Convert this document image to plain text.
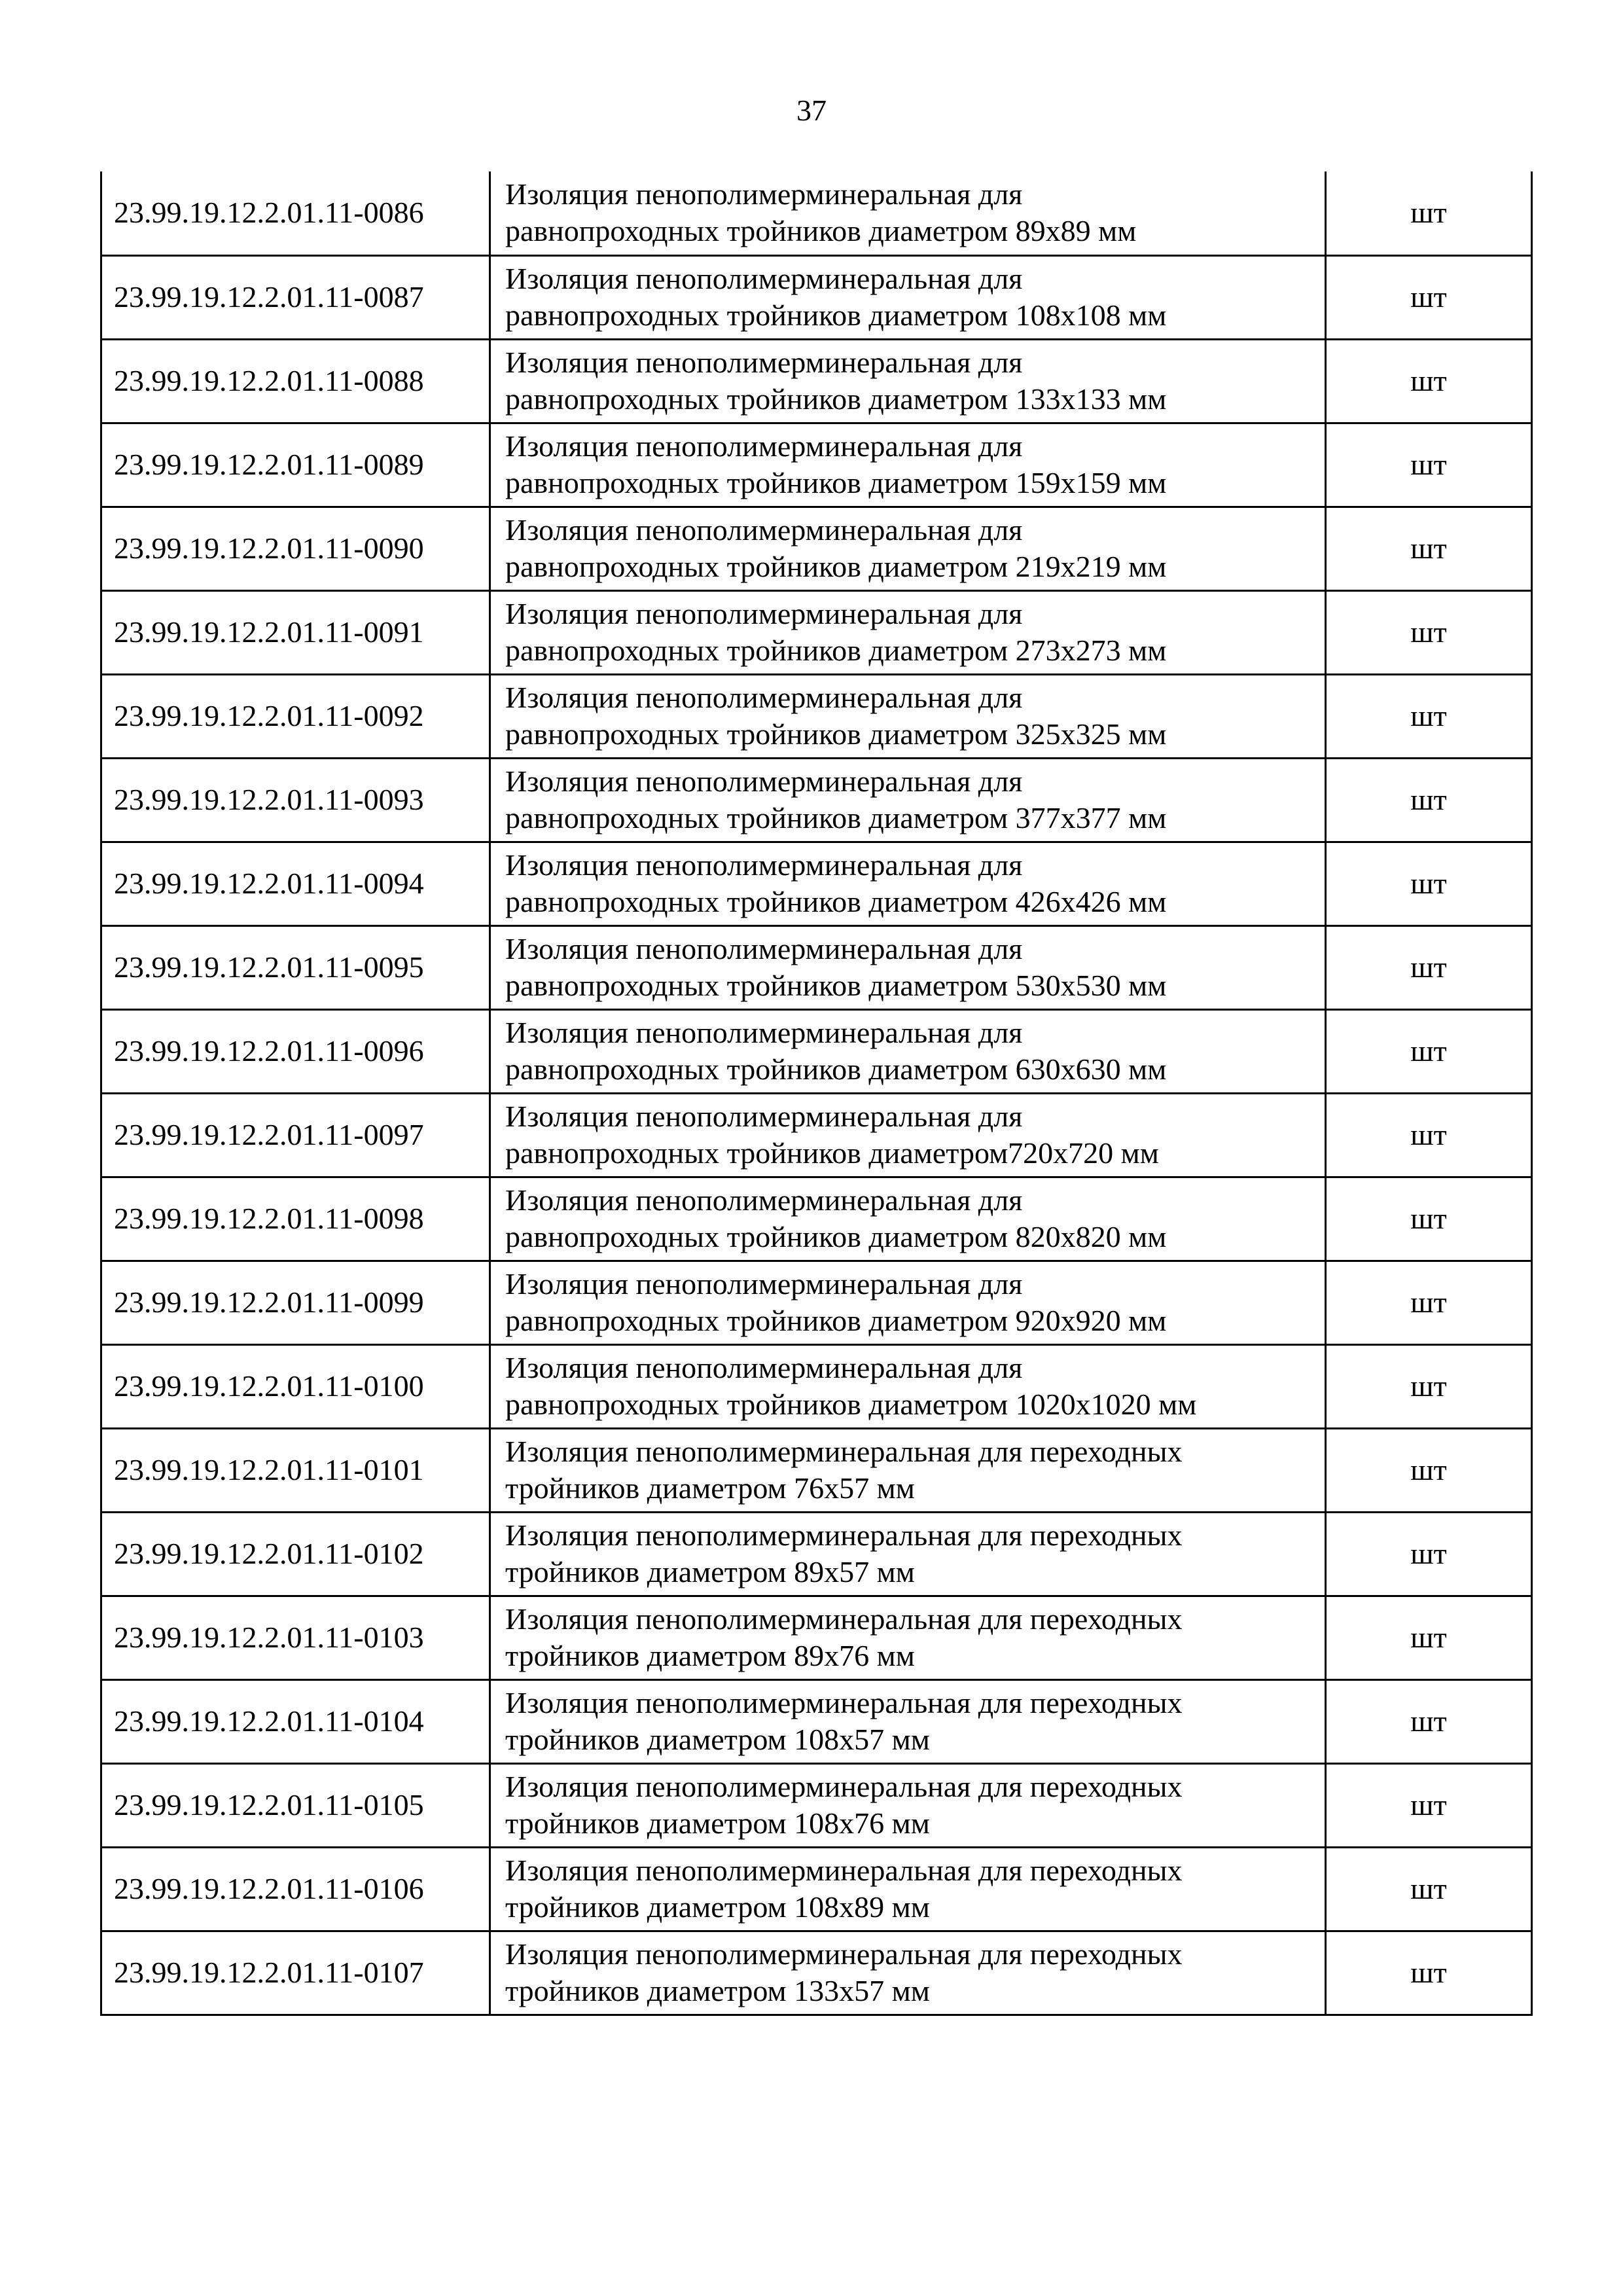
37
23.99.19.12.2.01.11-0086	Изоляция пенополимерминеральная для
равнопроходных тройников диаметром 89х89 мм	шт
23.99.19.12.2.01.11-0087	Изоляция пенополимерминеральная для
равнопроходных тройников диаметром 108х108 мм	шт
23.99.19.12.2.01.11-0088	Изоляция пенополимерминеральная для
равнопроходных тройников диаметром 133х133 мм	шт
23.99.19.12.2.01.11-0089	Изоляция пенополимерминеральная для
равнопроходных тройников диаметром 159х159 мм	шт
23.99.19.12.2.01.11-0090	Изоляция пенополимерминеральная для
равнопроходных тройников диаметром 219х219 мм	шт
23.99.19.12.2.01.11-0091	Изоляция пенополимерминеральная для
равнопроходных тройников диаметром 273х273 мм	шт
23.99.19.12.2.01.11-0092	Изоляция пенополимерминеральная для
равнопроходных тройников диаметром 325х325 мм	шт
23.99.19.12.2.01.11-0093	Изоляция пенополимерминеральная для
равнопроходных тройников диаметром 377х377 мм	шт
23.99.19.12.2.01.11-0094	Изоляция пенополимерминеральная для
равнопроходных тройников диаметром 426х426 мм	шт
23.99.19.12.2.01.11-0095	Изоляция пенополимерминеральная для
равнопроходных тройников диаметром 530х530 мм	шт
23.99.19.12.2.01.11-0096	Изоляция пенополимерминеральная для
равнопроходных тройников диаметром 630х630 мм	шт
23.99.19.12.2.01.11-0097	Изоляция пенополимерминеральная для
равнопроходных тройников диаметром720х720 мм	шт
23.99.19.12.2.01.11-0098	Изоляция пенополимерминеральная для
равнопроходных тройников диаметром 820х820 мм	шт
23.99.19.12.2.01.11-0099	Изоляция пенополимерминеральная для
равнопроходных тройников диаметром 920х920 мм	шт
23.99.19.12.2.01.11-0100	Изоляция пенополимерминеральная для
равнопроходных тройников диаметром 1020х1020 мм	шт
23.99.19.12.2.01.11-0101	Изоляция пенополимерминеральная для переходных
тройников диаметром 76х57 мм	шт
23.99.19.12.2.01.11-0102	Изоляция пенополимерминеральная для переходных
тройников диаметром 89х57 мм	шт
23.99.19.12.2.01.11-0103	Изоляция пенополимерминеральная для переходных
тройников диаметром 89х76 мм	шт
23.99.19.12.2.01.11-0104	Изоляция пенополимерминеральная для переходных
тройников диаметром 108х57 мм	шт
23.99.19.12.2.01.11-0105	Изоляция пенополимерминеральная для переходных
тройников диаметром 108х76 мм	шт
23.99.19.12.2.01.11-0106	Изоляция пенополимерминеральная для переходных
тройников диаметром 108х89 мм	шт
23.99.19.12.2.01.11-0107	Изоляция пенополимерминеральная для переходных
тройников диаметром 133х57 мм	шт
